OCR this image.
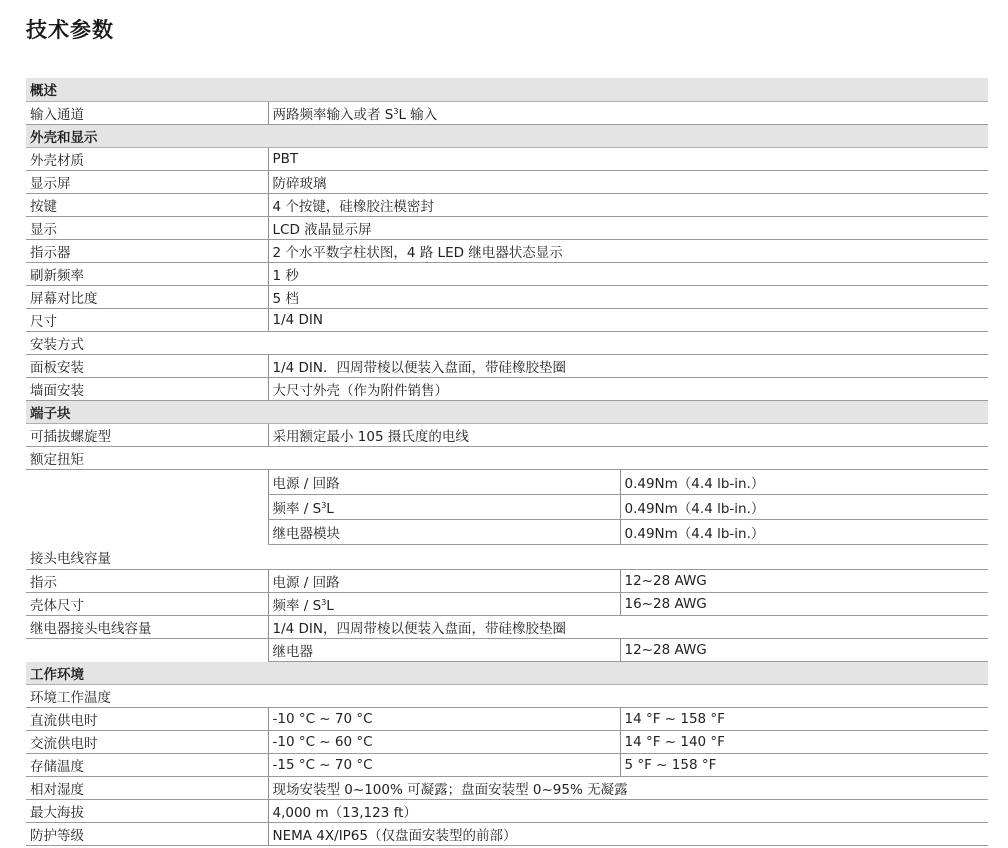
技术参数
概述		
输入通道	两路频率输入或者 $S^3L$ 输入	
外壳和显示		
外壳材质	PBT	
显示屏	防碎玻璃	
按键	4 个按键，硅橡胶注模密封	
显示	LCD 液晶显示屏	
指示器	2 个水平数字柱状图，4 路 LED 继电器状态显示	
刷新频率	1 秒	
屏幕对比度	5 档	
尺寸	1/4 DIN	
安装方式		
面板安装	1/4 DIN．四周带棱以便装入盘面，带硅橡胶垫圈	
墙面安装	大尺寸外壳（作为附件销售）	
端子块		
可插拔螺旋型	采用额定最小 105 摄氏度的电线	
额定扭矩		
	电源 / 回路	0.49Nm（4.4 lb-in.）
	频率 / $S^3L$	0.49Nm（4.4 lb-in.）
	继电器模块	0.49Nm（4.4 lb-in.）
接头电线容量		
指示	电源 / 回路	12~28 AWG
壳体尺寸	频率 / $S^3L$	16~28 AWG
继电器接头电线容量	1/4 DIN，四周带棱以便装入盘面，带硅橡胶垫圈	
	继电器	12~28 AWG
工作环境		
环境工作温度		
直流供电时	-10 °C ~ 70 °C	14 °F ~ 158 °F
交流供电时	-10 °C ~ 60 °C	14 °F ~ 140 °F
存储温度	-15 °C ~ 70 °C	5 °F ~ 158 °F
相对湿度	现场安装型 0~100% 可凝露；盘面安装型 0~95% 无凝露	
最大海拔	4,000 m（13,123 ft）	
防护等级	NEMA 4X/IP65（仅盘面安装型的前部）	
